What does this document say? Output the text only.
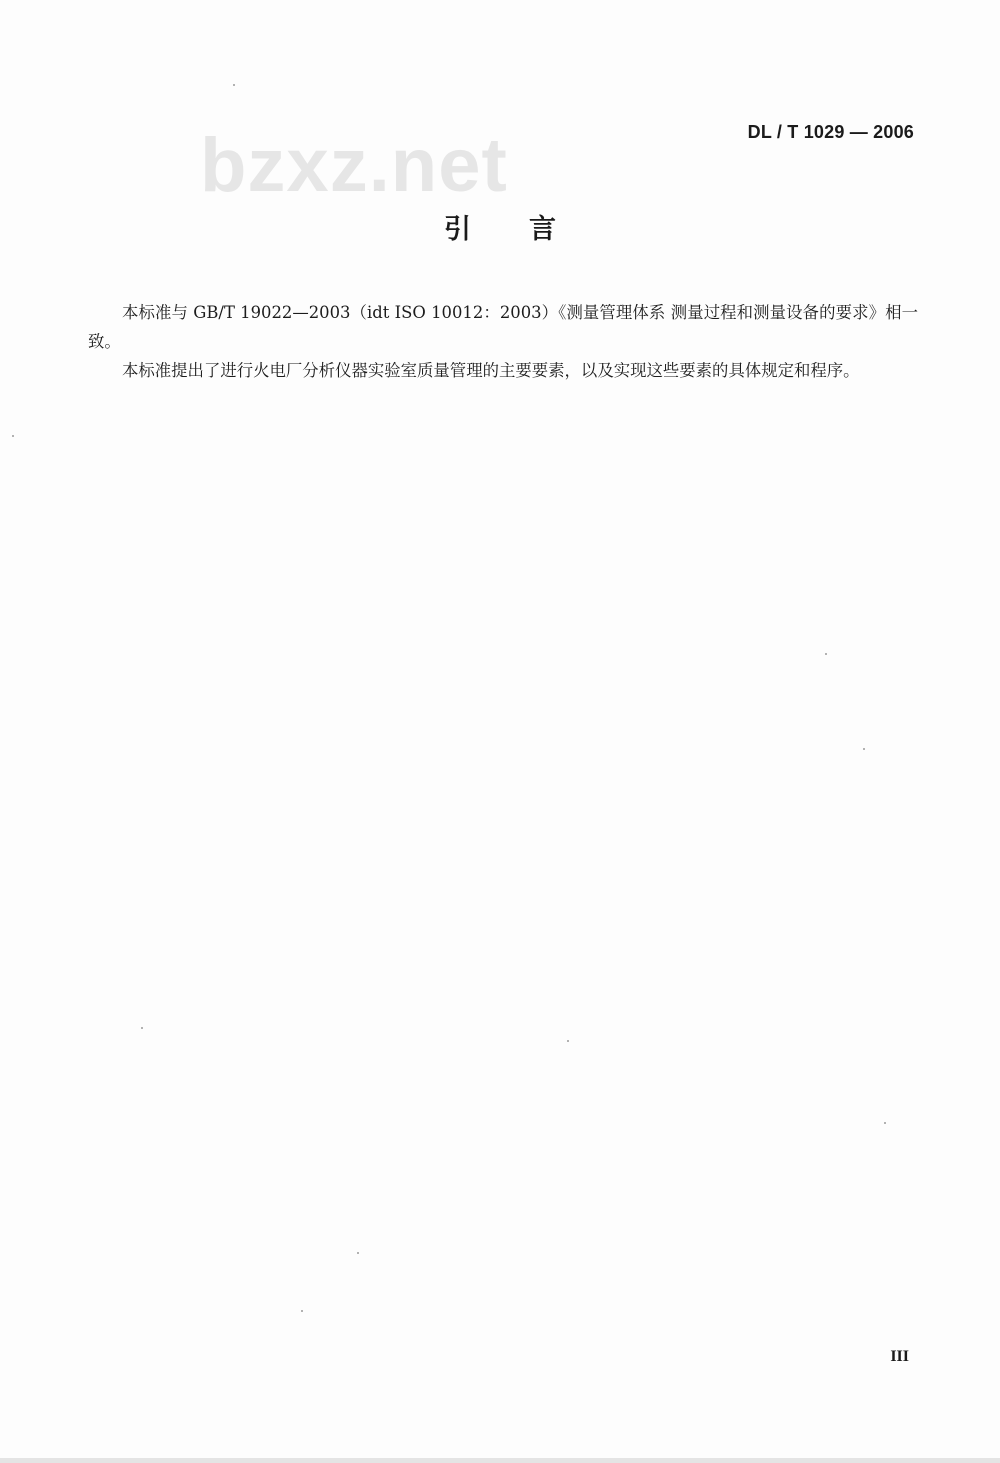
DL / T 1029 — 2006
bzxz.net
引言

本标准与 GB/T 19022—2003（idt ISO 10012：2003）《测量管理体系 测量过程和测量设备的要求》相一致。

本标准提出了进行火电厂分析仪器实验室质量管理的主要要素，以及实现这些要素的具体规定和程序。

III
